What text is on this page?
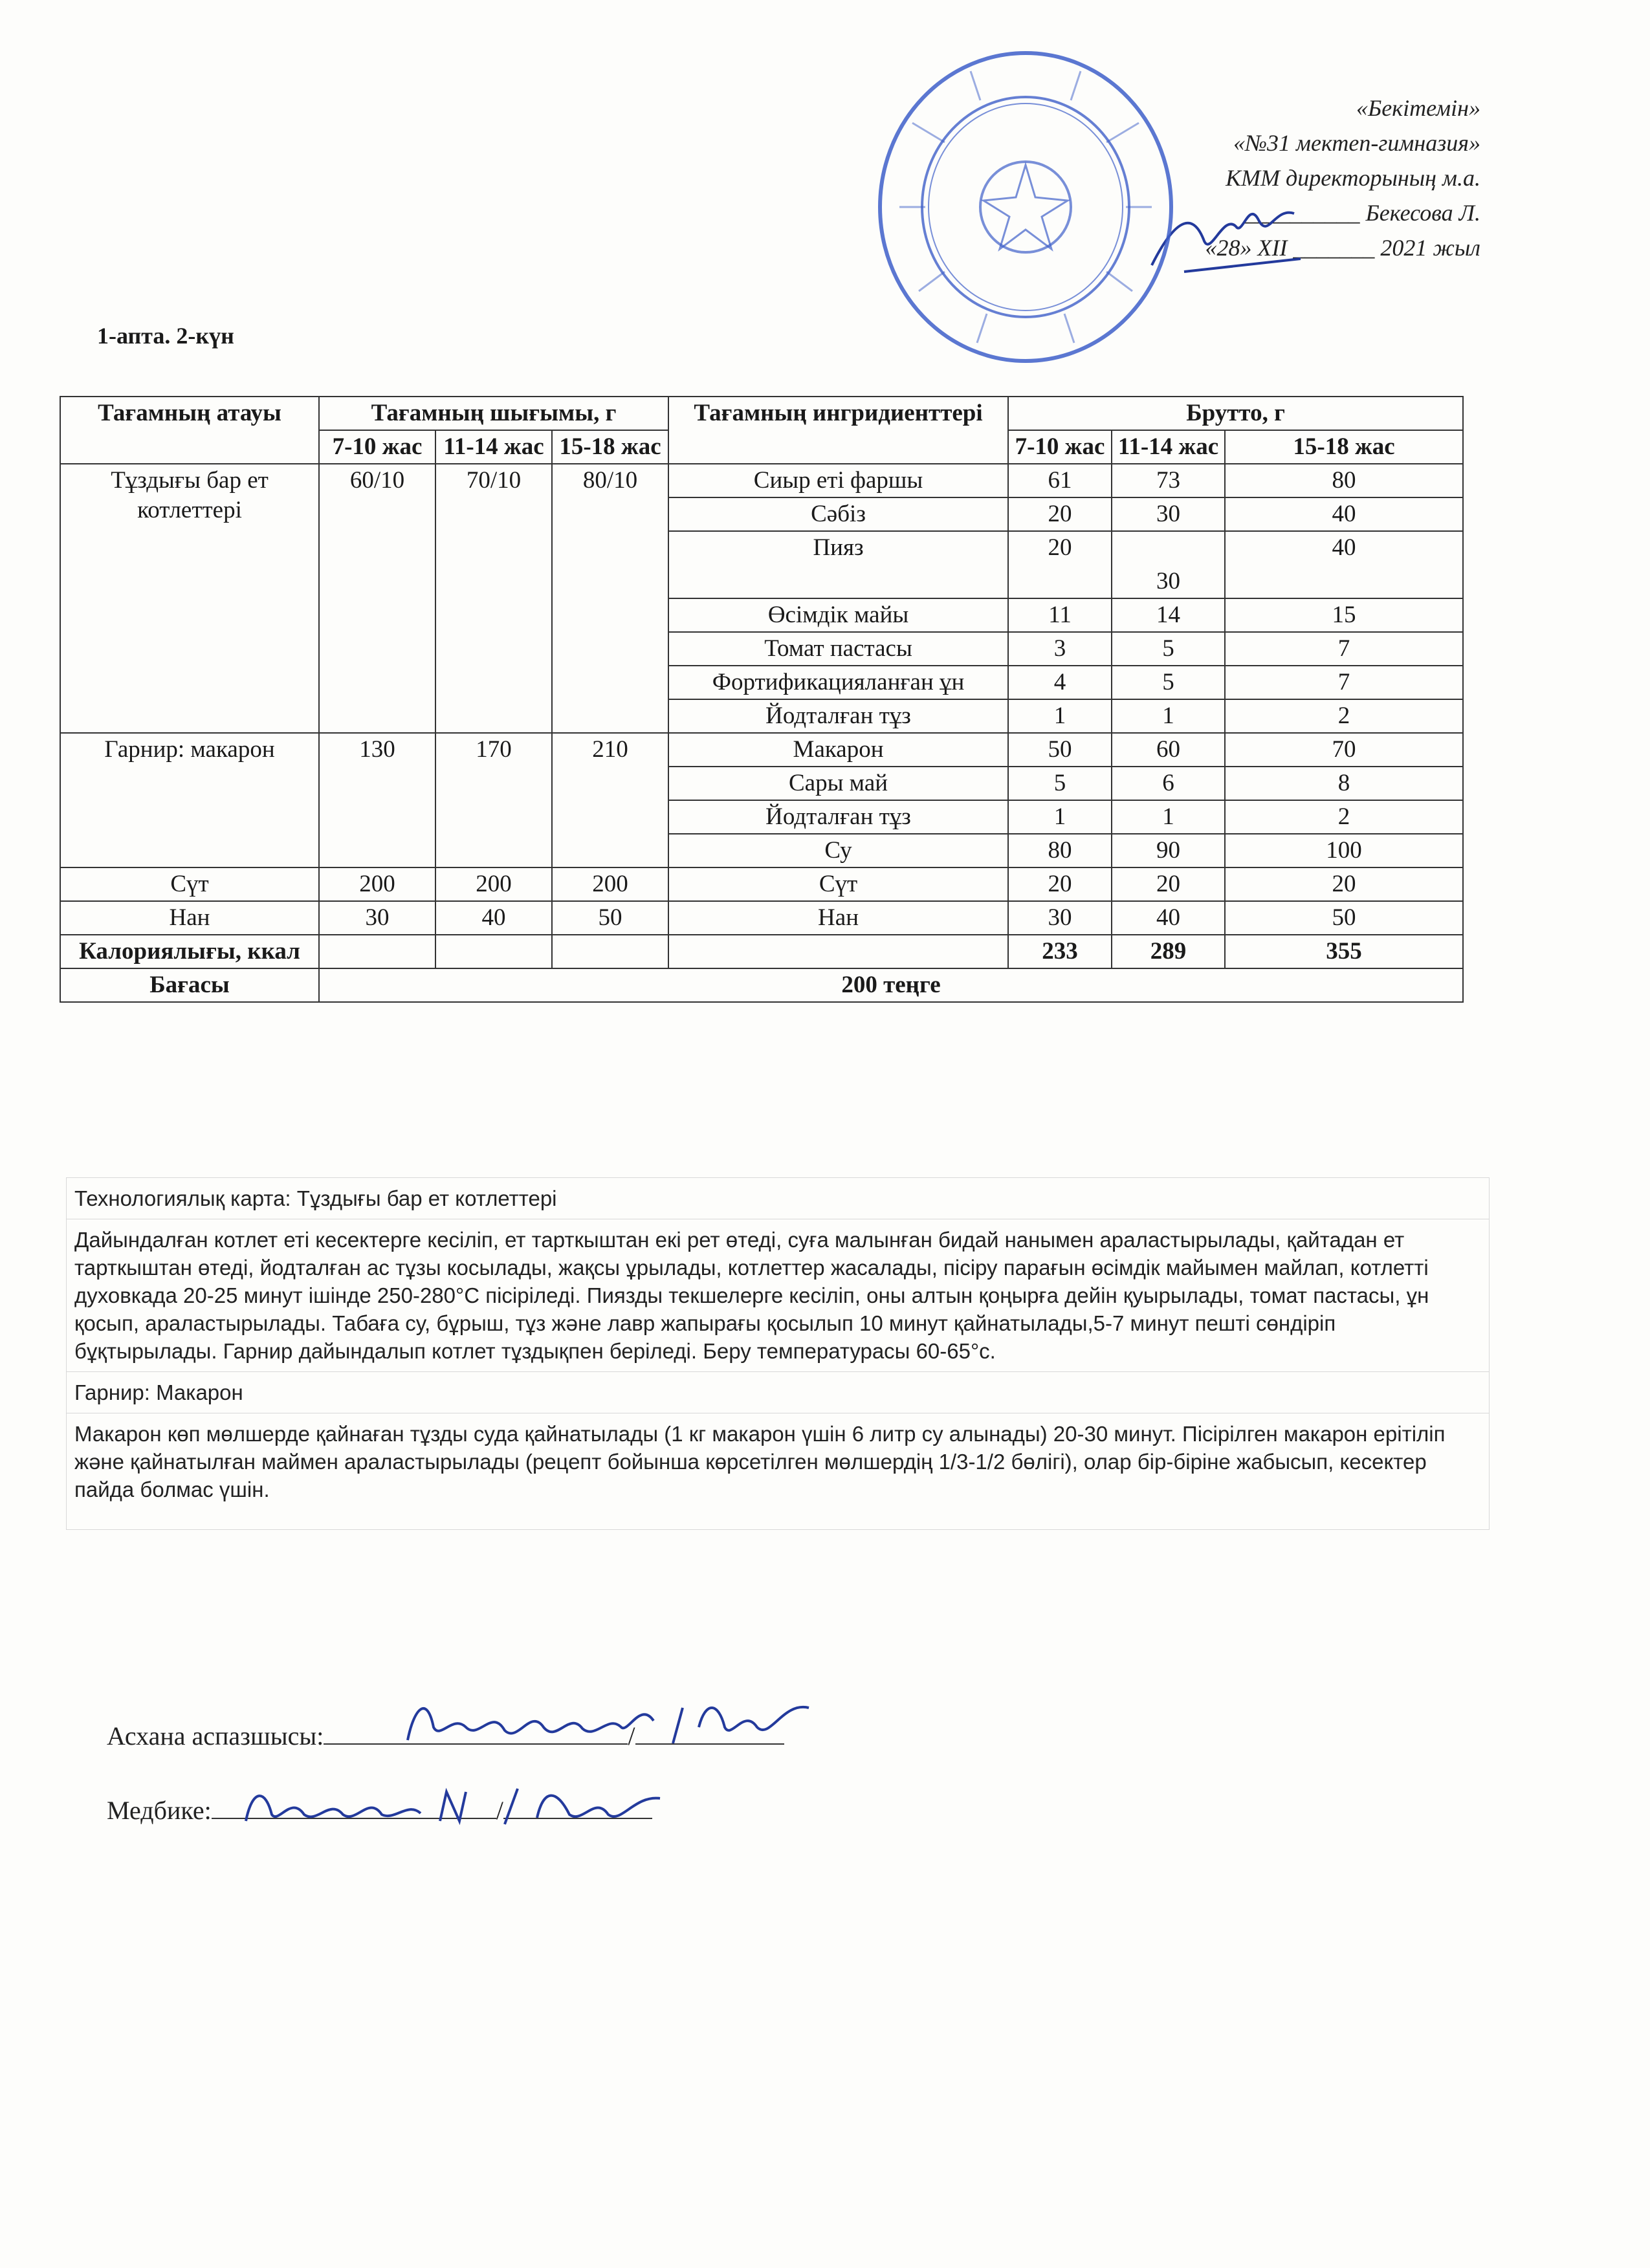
«Бекітемін»
«№31 мектеп-гимназия»
КММ директорының м.а.
__________ Бекесова Л.
«28» XII _______ 2021 жыл
1-апта. 2-күн
Тағамның атауы	Тағамның шығымы, г			Тағамның ингридиенттері	Брутто, г		
	7-10 жас	11-14 жас	15-18 жас		7-10 жас	11-14 жас	15-18 жас
Тұздығы бар ет котлеттері	60/10	70/10	80/10	Сиыр еті фаршы	61	73	80
				Сәбіз	20	30	40
				Пияз	20	30	40
				Өсімдік майы	11	14	15
				Томат пастасы	3	5	7
				Фортификацияланған ұн	4	5	7
				Йодталған тұз	1	1	2
Гарнир: макарон	130	170	210	Макарон	50	60	70
				Сары май	5	6	8
				Йодталған тұз	1	1	2
				Су	80	90	100
Сүт	200	200	200	Сүт	20	20	20
Нан	30	40	50	Нан	30	40	50
Калориялығы, ккал					233	289	355
Бағасы	200 теңге						
Технологиялық карта: Тұздығы бар ет котлеттері
Дайындалған котлет еті кесектерге кесіліп, ет тарткыштан екі рет өтеді, суға малынған бидай нанымен араластырылады, қайтадан ет тарткыштан өтеді, йодталған ас тұзы косылады, жақсы ұрылады, котлеттер жасалады, пісіру парағын өсімдік майымен майлап, котлетті духовкада 20-25 минут ішінде 250-280°С пісіріледі. Пиязды текшелерге кесіліп, оны алтын қоңырға дейін қуырылады, томат пастасы, ұн қосып, араластырылады. Табаға су, бұрыш, тұз және лавр жапырағы қосылып 10 минут қайнатылады,5-7 минут пешті сөндіріп бұқтырылады. Гарнир дайындалып котлет тұздықпен беріледі. Беру температурасы 60-65°с.
Гарнир: Макарон
Макарон көп мөлшерде қайнаған тұзды суда қайнатылады (1 кг макарон үшін 6 литр су алынады) 20-30 минут. Пісірілген макарон ерітіліп және қайнатылған маймен араластырылады (рецепт бойынша көрсетілген мөлшердің 1/3-1/2 бөлігі), олар бір-біріне жабысып, кесектер пайда болмас үшін.
Асхана аспазшысы:	/
Медбике:	/
